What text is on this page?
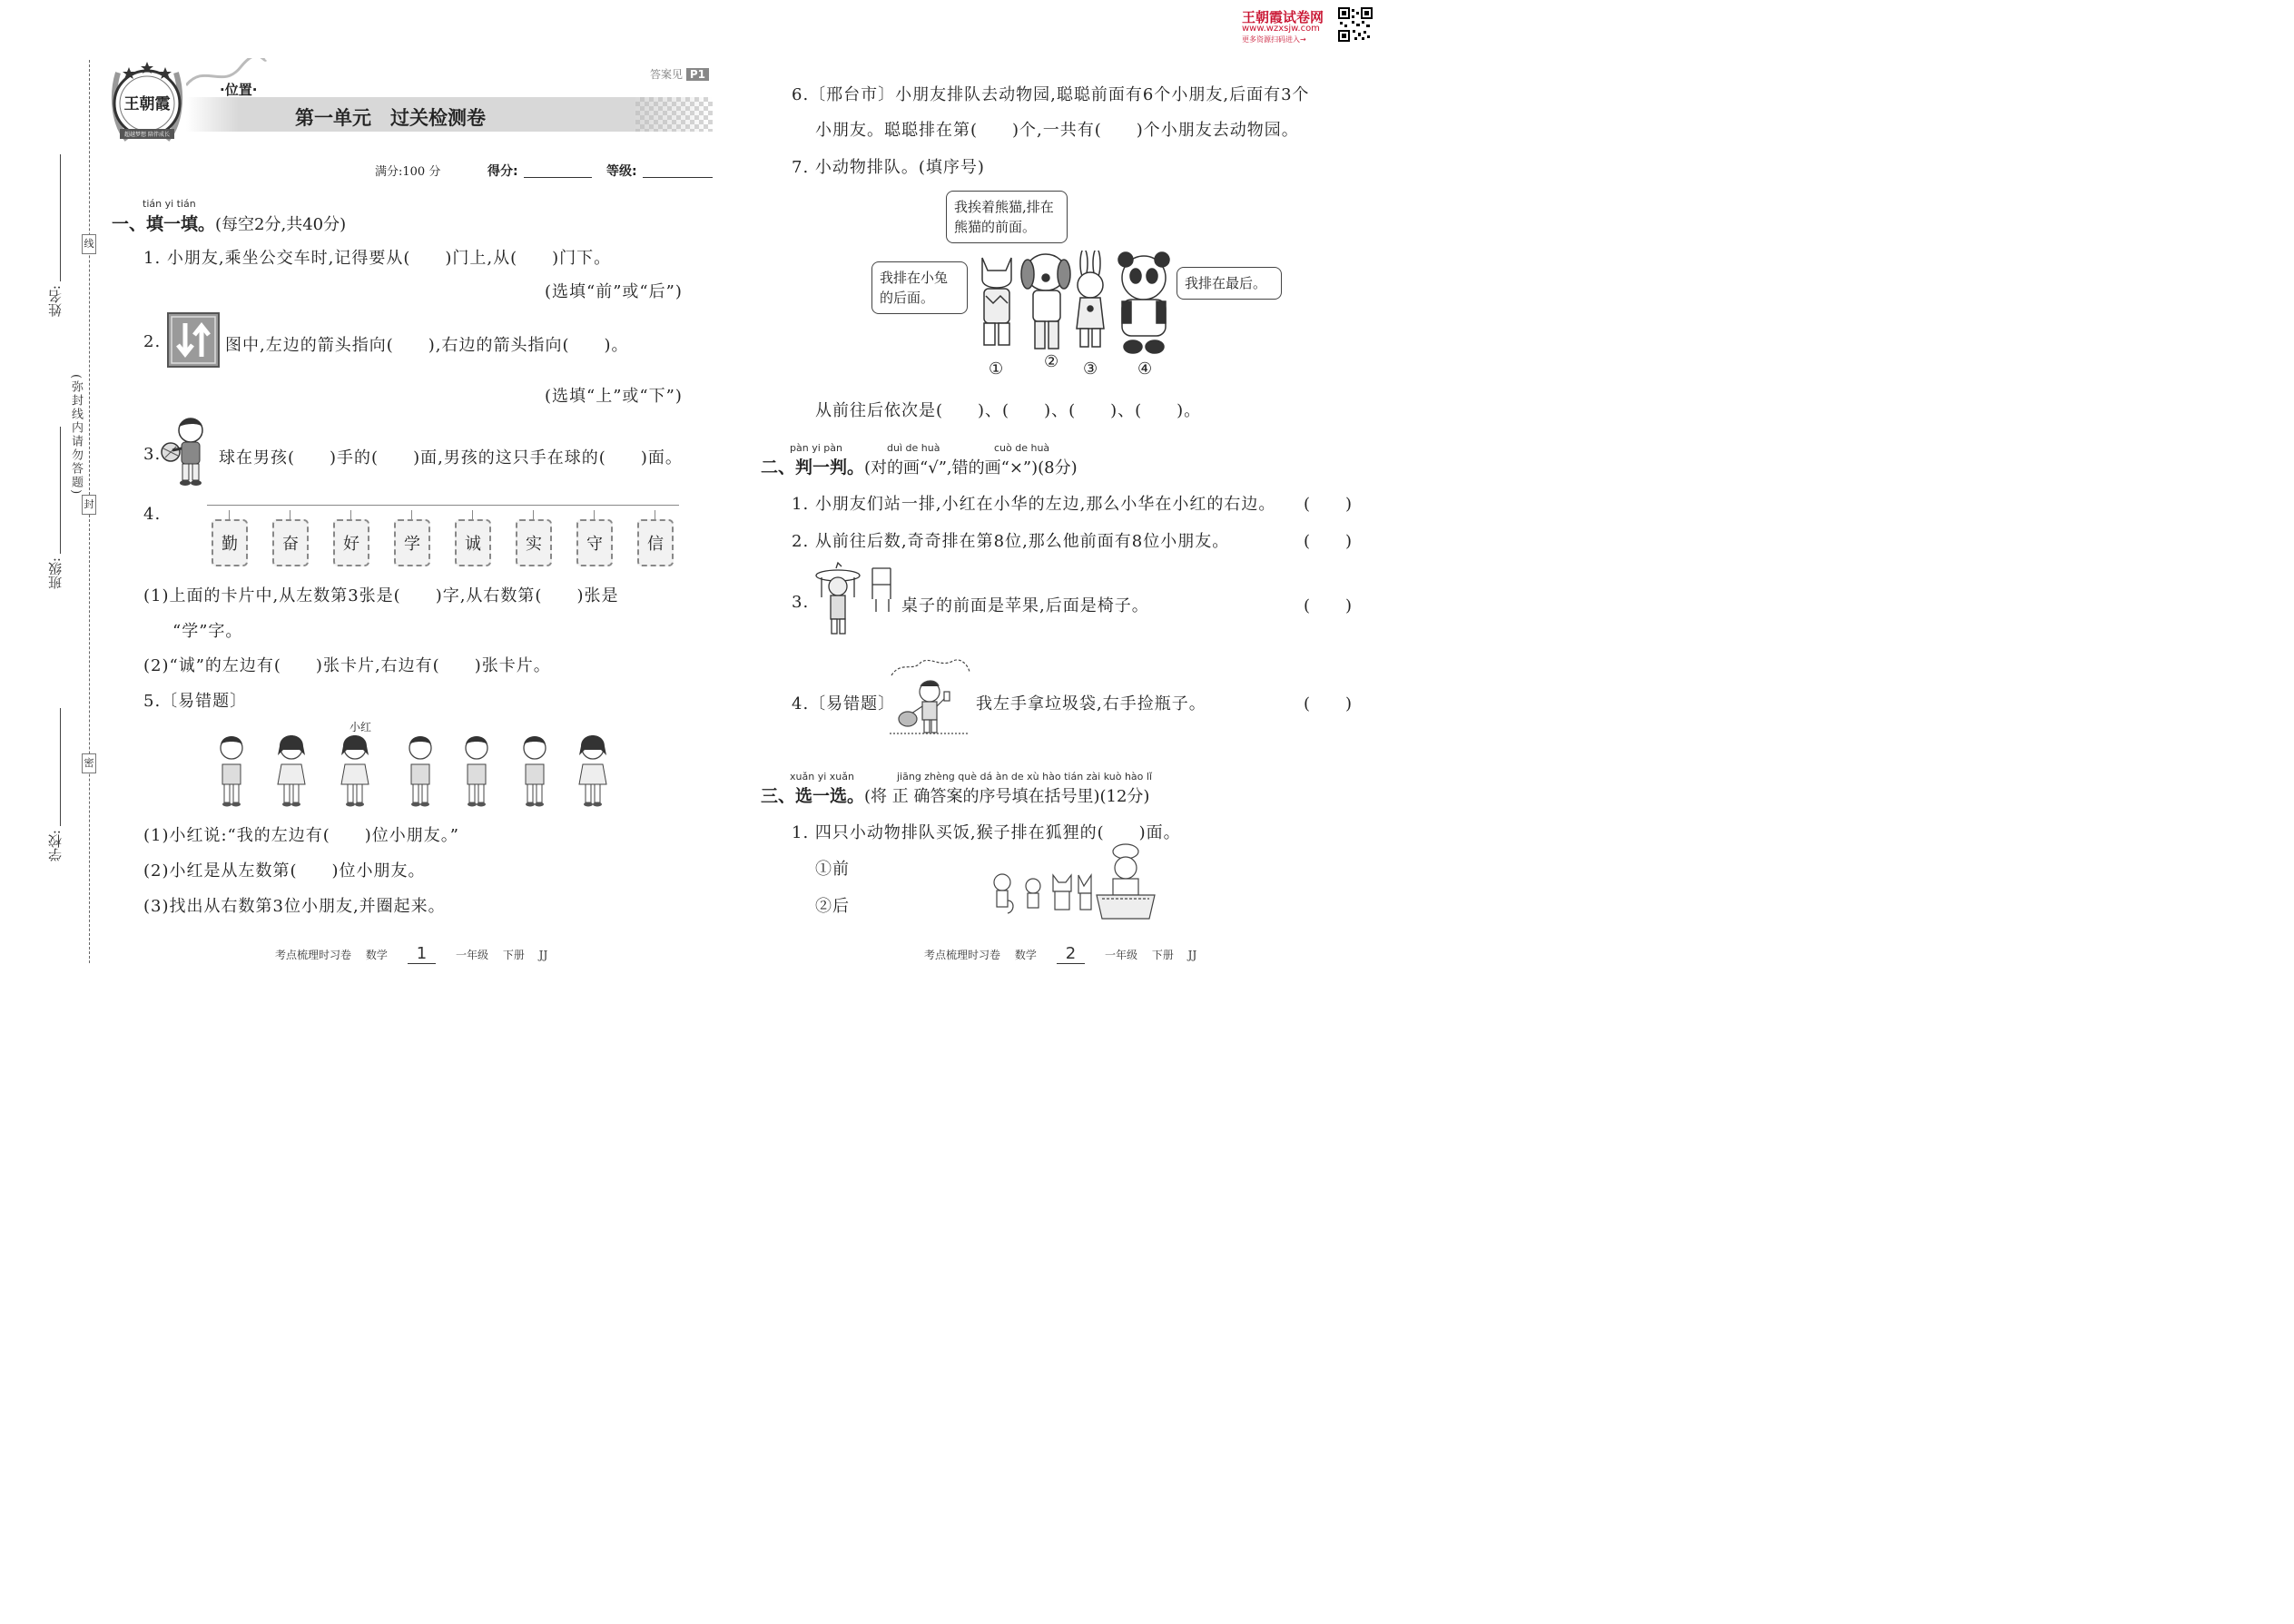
王朝霞试卷网
www.wzxsjw.com
更多资源扫码进入→
线
封
密
(弥封线内请勿答题)
姓名:
班级:
学校:
王朝霞
超越梦想 陪伴成长
·位置·
第一单元　过关检测卷
答案见 P1
满分:100 分	得分:	等级:
tián yi tián
一、填一填。(每空2分,共40分)
1. 小朋友,乘坐公交车时,记得要从(　　)门上,从(　　)门下。
(选填“前”或“后”)
2.	图中,左边的箭头指向(　　),右边的箭头指向(　　)。
(选填“上”或“下”)
3.	球在男孩(　　)手的(　　)面,男孩的这只手在球的(　　)面。
4.
勤	奋	好	学	诚	实	守	信
(1)上面的卡片中,从左数第3张是(　　)字,从右数第(　　)张是
“学”字。
(2)“诚”的左边有(　　)张卡片,右边有(　　)张卡片。
5.〔易错题〕
小红
(1)小红说:“我的左边有(　　)位小朋友。”
(2)小红是从左数第(　　)位小朋友。
(3)找出从右数第3位小朋友,并圈起来。
6.〔邢台市〕小朋友排队去动物园,聪聪前面有6个小朋友,后面有3个
小朋友。聪聪排在第(　　)个,一共有(　　)个小朋友去动物园。
7. 小动物排队。(填序号)
我挨着熊猫,排在熊猫的前面。
我排在小兔的后面。
我排在最后。
① ② ③ ④
从前往后依次是(　　)、(　　)、(　　)、(　　)。
pàn yi pàn	duì de huà	cuò de huà
二、判一判。(对的画“√”,错的画“×”)(8分)
1. 小朋友们站一排,小红在小华的左边,那么小华在小红的右边。 (　　)
2. 从前往后数,奇奇排在第8位,那么他前面有8位小朋友。	(　　)
3.	桌子的前面是苹果,后面是椅子。	(　　)
4.〔易错题〕	我左手拿垃圾袋,右手捡瓶子。	(　　)
xuǎn yi xuǎn	jiāng zhèng què dá àn de xù hào tián zài kuò hào lǐ
三、选一选。(将 正 确答案的序号填在括号里)(12分)
1. 四只小动物排队买饭,猴子排在狐狸的(　　)面。
①前
②后
考点梳理时习卷 数学 1	一年级 下册 JJ	考点梳理时习卷 数学 2	一年级 下册 JJ
